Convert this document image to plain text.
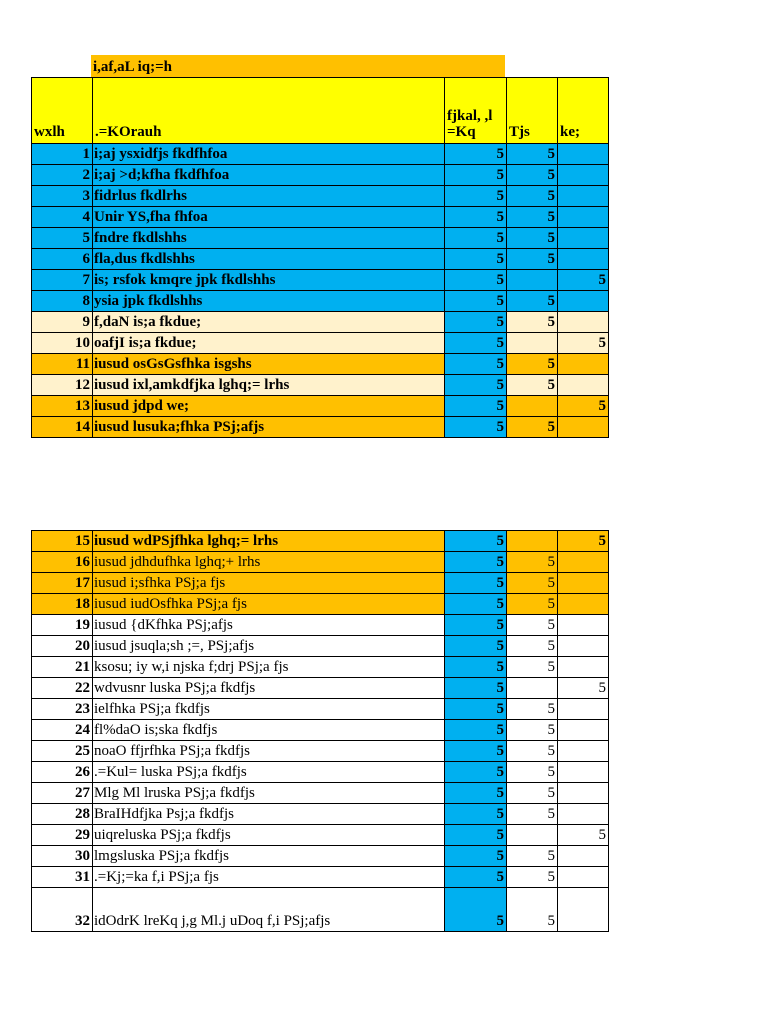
i,af,aL iq;=h
wxlh	.=KOrauh	fjkal, ,l =Kq	Tjs	ke;
1	i;aj ysxidfjs fkdfhfoa	5	5	
2	i;aj >d;kfha fkdfhfoa	5	5	
3	fidrlus fkdlrhs	5	5	
4	Unir YS,fha fhfoa	5	5	
5	fndre fkdlshhs	5	5	
6	fla,dus fkdlshhs	5	5	
7	is; rsfok kmqre jpk fkdlshhs	5		5
8	ysia jpk fkdlshhs	5	5	
9	f,daN is;a fkdue;	5	5	
10	oafjI is;a fkdue;	5		5
11	iusud osGsGsfhka isgshs	5	5	
12	iusud ixl,amkdfjka lghq;= lrhs	5	5	
13	iusud jdpd we;	5		5
14	iusud lusuka;fhka PSj;afjs	5	5	
15	iusud wdPSjfhka lghq;= lrhs	5		5
16	iusud jdhdufhka lghq;+ lrhs	5	5	
17	iusud i;sfhka PSj;a fjs	5	5	
18	iusud iudOsfhka PSj;a fjs	5	5	
19	iusud {dKfhka PSj;afjs	5	5	
20	iusud jsuqla;sh ;=, PSj;afjs	5	5	
21	ksosu; iy w,i njska f;drj PSj;a fjs	5	5	
22	wdvusnr luska PSj;a fkdfjs	5		5
23	ielfhka PSj;a fkdfjs	5	5	
24	fl%daO is;ska fkdfjs	5	5	
25	noaO ffjrfhka PSj;a fkdfjs	5	5	
26	.=Kul= luska PSj;a fkdfjs	5	5	
27	Mlg Ml lruska PSj;a fkdfjs	5	5	
28	BraIHdfjka Psj;a fkdfjs	5	5	
29	uiqreluska PSj;a fkdfjs	5		5
30	lmgsluska PSj;a fkdfjs	5	5	
31	.=Kj;=ka f,i PSj;a fjs	5	5	
32	idOdrK lreKq j,g Ml.j uDoq f,i PSj;afjs	5	5	
